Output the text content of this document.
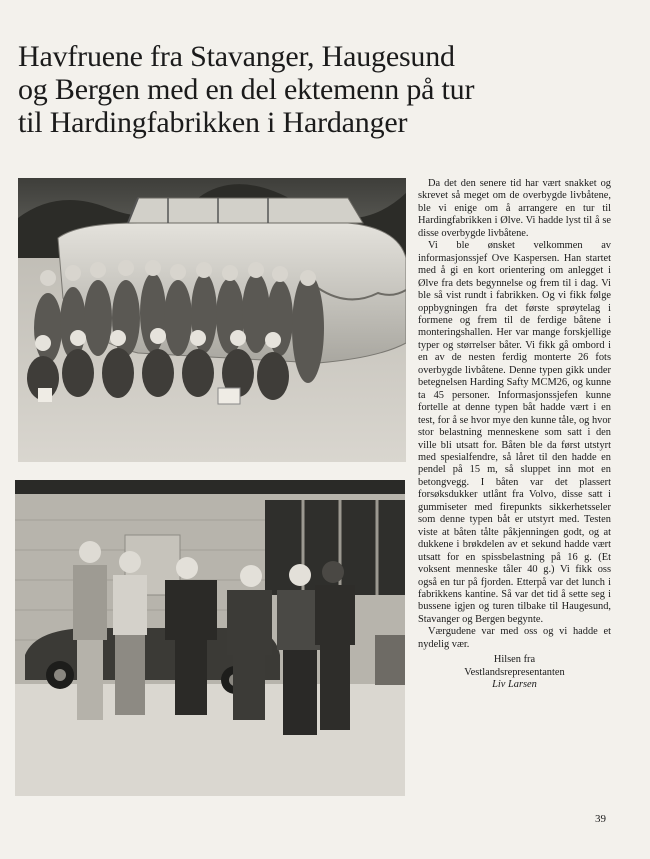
Havfruene fra Stavanger, Haugesund
og Bergen med en del ektemenn på tur
til Hardingfabrikken i Hardanger

Da det den senere tid har vært snakket og skrevet så meget om de overbygde livbåtene, ble vi enige om å arrangere en tur til Hardingfabrikken i Ølve. Vi hadde lyst til å se disse overbygde livbåtene.

Vi ble ønsket velkommen av informasjonssjef Ove Kaspersen. Han startet med å gi en kort orientering om anlegget i Ølve fra dets begynnelse og frem til i dag. Vi ble så vist rundt i fabrikken. Og vi fikk følge oppbygningen fra det første sprøytelag i formene og frem til de ferdige båtene i monteringshallen. Her var mange forskjellige typer og størrelser båter. Vi fikk gå ombord i en av de nesten ferdig monterte 26 fots overbygde livbåtene. Denne typen gikk under betegnelsen Harding Safty MCM26, og kunne ta 45 personer. Informasjonssjefen kunne fortelle at denne typen båt hadde vært i en test, for å se hvor mye den kunne tåle, og hvor stor belastning menneskene som satt i den ville bli utsatt for. Båten ble da først utstyrt med spesialfendre, så låret til den hadde en pendel på 15 m, så sluppet inn mot en betongvegg. I båten var det plassert forsøksdukker utlånt fra Volvo, disse satt i gummiseter med firepunkts sikkerhetsseler som denne typen båt er utstyrt med. Testen viste at båten tålte påkjenningen godt, og at dukkene i brøkdelen av et sekund hadde vært utsatt for en spissbelastning på 16 g. (Et voksent menneske tåler 40 g.) Vi fikk oss også en tur på fjorden. Etterpå var det lunch i fabrikkens kantine. Så var det tid å sette seg i bussene igjen og turen tilbake til Haugesund, Stavanger og Bergen begynte.

Værgudene var med oss og vi hadde et nydelig vær.

Hilsen fra
Vestlandsrepresentanten
Liv Larsen
39
